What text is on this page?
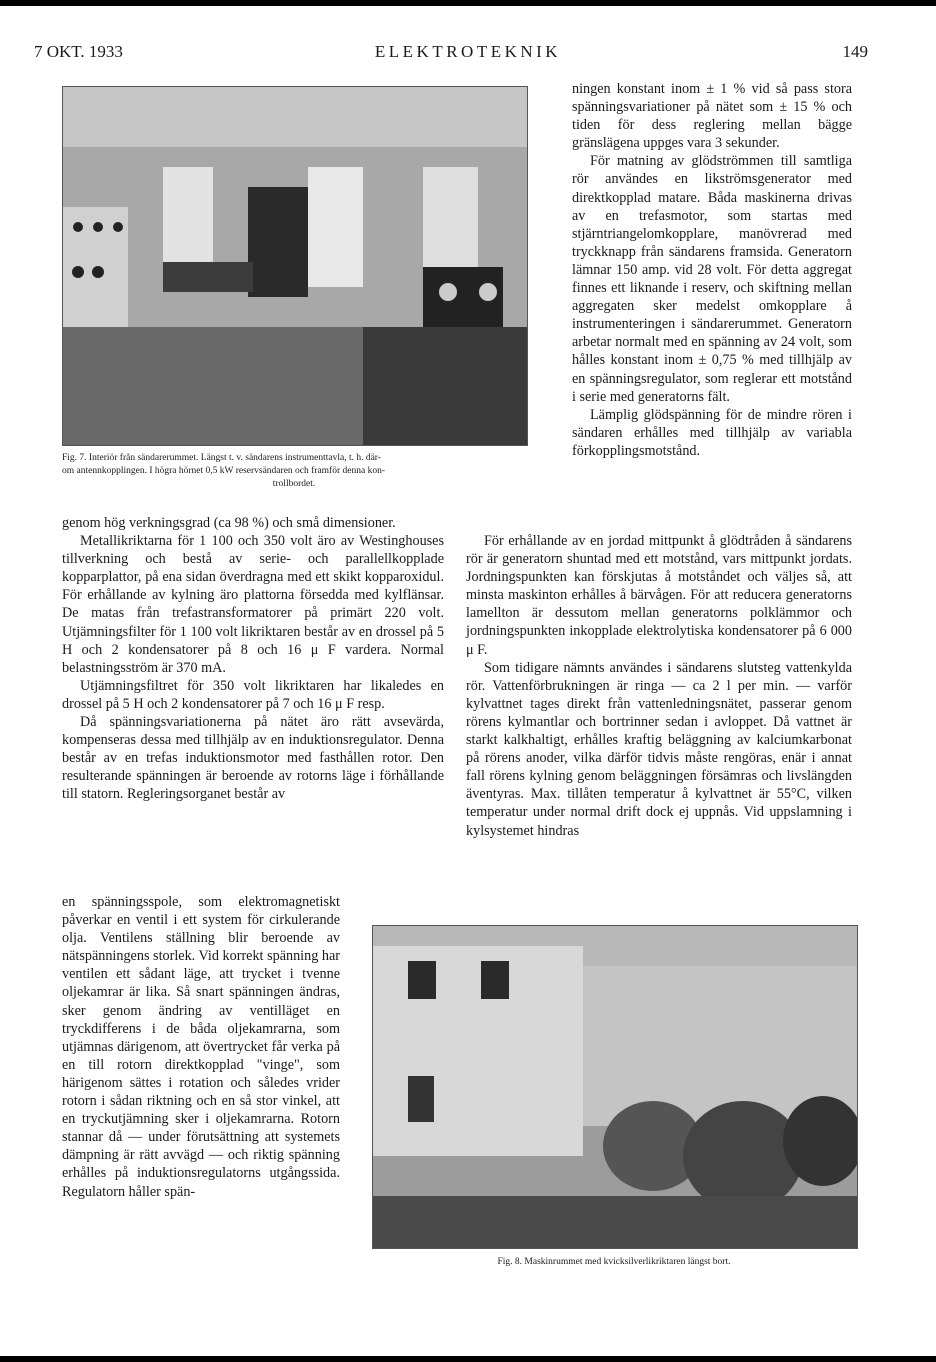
7 OKT. 1933	ELEKTROTEKNIK	149
Fig. 7. Interiör från sändarerummet. Längst t. v. sändarens instrumenttavla, t. h. där-
om antennkopplingen. I högra hörnet 0,5 kW reservsändaren och framför denna kon-
trollbordet.

ningen konstant inom ± 1 % vid så pass stora spänningsvariationer på nätet som ± 15 % och tiden för dess reglering mellan bägge gränslägena uppges vara 3 sekunder.

För matning av glödströmmen till samtliga rör användes en likströmsgenerator med direktkopplad matare. Båda maskinerna drivas av en trefasmotor, som startas med stjärntriangelomkopplare, manövrerad med tryckknapp från sändarens framsida. Generatorn lämnar 150 amp. vid 28 volt. För detta aggregat finnes ett liknande i reserv, och skiftning mellan aggregaten sker medelst omkopplare å instrumenteringen i sändarerummet. Generatorn arbetar normalt med en spänning av 24 volt, som hålles konstant inom ± 0,75 % med tillhjälp av en spänningsregulator, som reglerar ett motstånd i serie med generatorns fält.

Lämplig glödspänning för de mindre rören i sändaren erhålles med tillhjälp av variabla förkopplingsmotstånd.

genom hög verkningsgrad (ca 98 %) och små dimensioner.

Metallikriktarna för 1 100 och 350 volt äro av Westinghouses tillverkning och bestå av serie- och parallellkopplade kopparplattor, på ena sidan överdragna med ett skikt kopparoxidul. För erhållande av kylning äro plattorna försedda med kylflänsar. De matas från trefastransformatorer på primärt 220 volt. Utjämningsfilter för 1 100 volt likriktaren består av en drossel på 5 H och 2 kondensatorer på 8 och 16 μ F vardera. Normal belastningsström är 370 mA.

Utjämningsfiltret för 350 volt likriktaren har likaledes en drossel på 5 H och 2 kondensatorer på 7 och 16 μ F resp.

Då spänningsvariationerna på nätet äro rätt avsevärda, kompenseras dessa med tillhjälp av en induktionsregulator. Denna består av en trefas induktionsmotor med fasthållen rotor. Den resulterande spänningen är beroende av rotorns läge i förhållande till statorn. Regleringsorganet består av

För erhållande av en jordad mittpunkt å glödtråden å sändarens rör är generatorn shuntad med ett motstånd, vars mittpunkt jordats. Jordningspunkten kan förskjutas å motståndet och väljes så, att minsta maskinton erhålles å bärvågen. För att reducera generatorns lamellton är dessutom mellan generatorns polklämmor och jordningspunkten inkopplade elektrolytiska kondensatorer på 6 000 μ F.

Som tidigare nämnts användes i sändarens slutsteg vattenkylda rör. Vattenförbrukningen är ringa — ca 2 l per min. — varför kylvattnet tages direkt från vattenledningsnätet, passerar genom rörens kylmantlar och bortrinner sedan i avloppet. Då vattnet är starkt kalkhaltigt, erhålles kraftig beläggning av kalciumkarbonat på rörens anoder, vilka därför tidvis måste rengöras, enär i annat fall rörens kylning genom beläggningen försämras och livslängden äventyras. Max. tillåten temperatur å kylvattnet är 55°C, vilken temperatur under normal drift dock ej uppnås. Vid uppslamning i kylsystemet hindras

en spänningsspole, som elektromagnetiskt påverkar en ventil i ett system för cirkulerande olja. Ventilens ställning blir beroende av nätspänningens storlek. Vid korrekt spänning har ventilen ett sådant läge, att trycket i tvenne oljekamrar är lika. Så snart spänningen ändras, sker genom ändring av ventilläget en tryckdifferens i de båda oljekamrarna, som utjämnas därigenom, att övertrycket får verka på en till rotorn direktkopplad "vinge", som härigenom sättes i rotation och således vrider rotorn i sådan riktning och en så stor vinkel, att en tryckutjämning sker i oljekamrarna. Rotorn stannar då — under förutsättning att systemets dämpning är rätt avvägd — och riktig spänning erhålles på induktionsregulatorns utgångssida. Regulatorn håller spän-

Fig. 8. Maskinrummet med kvicksilverlikriktaren längst bort.
